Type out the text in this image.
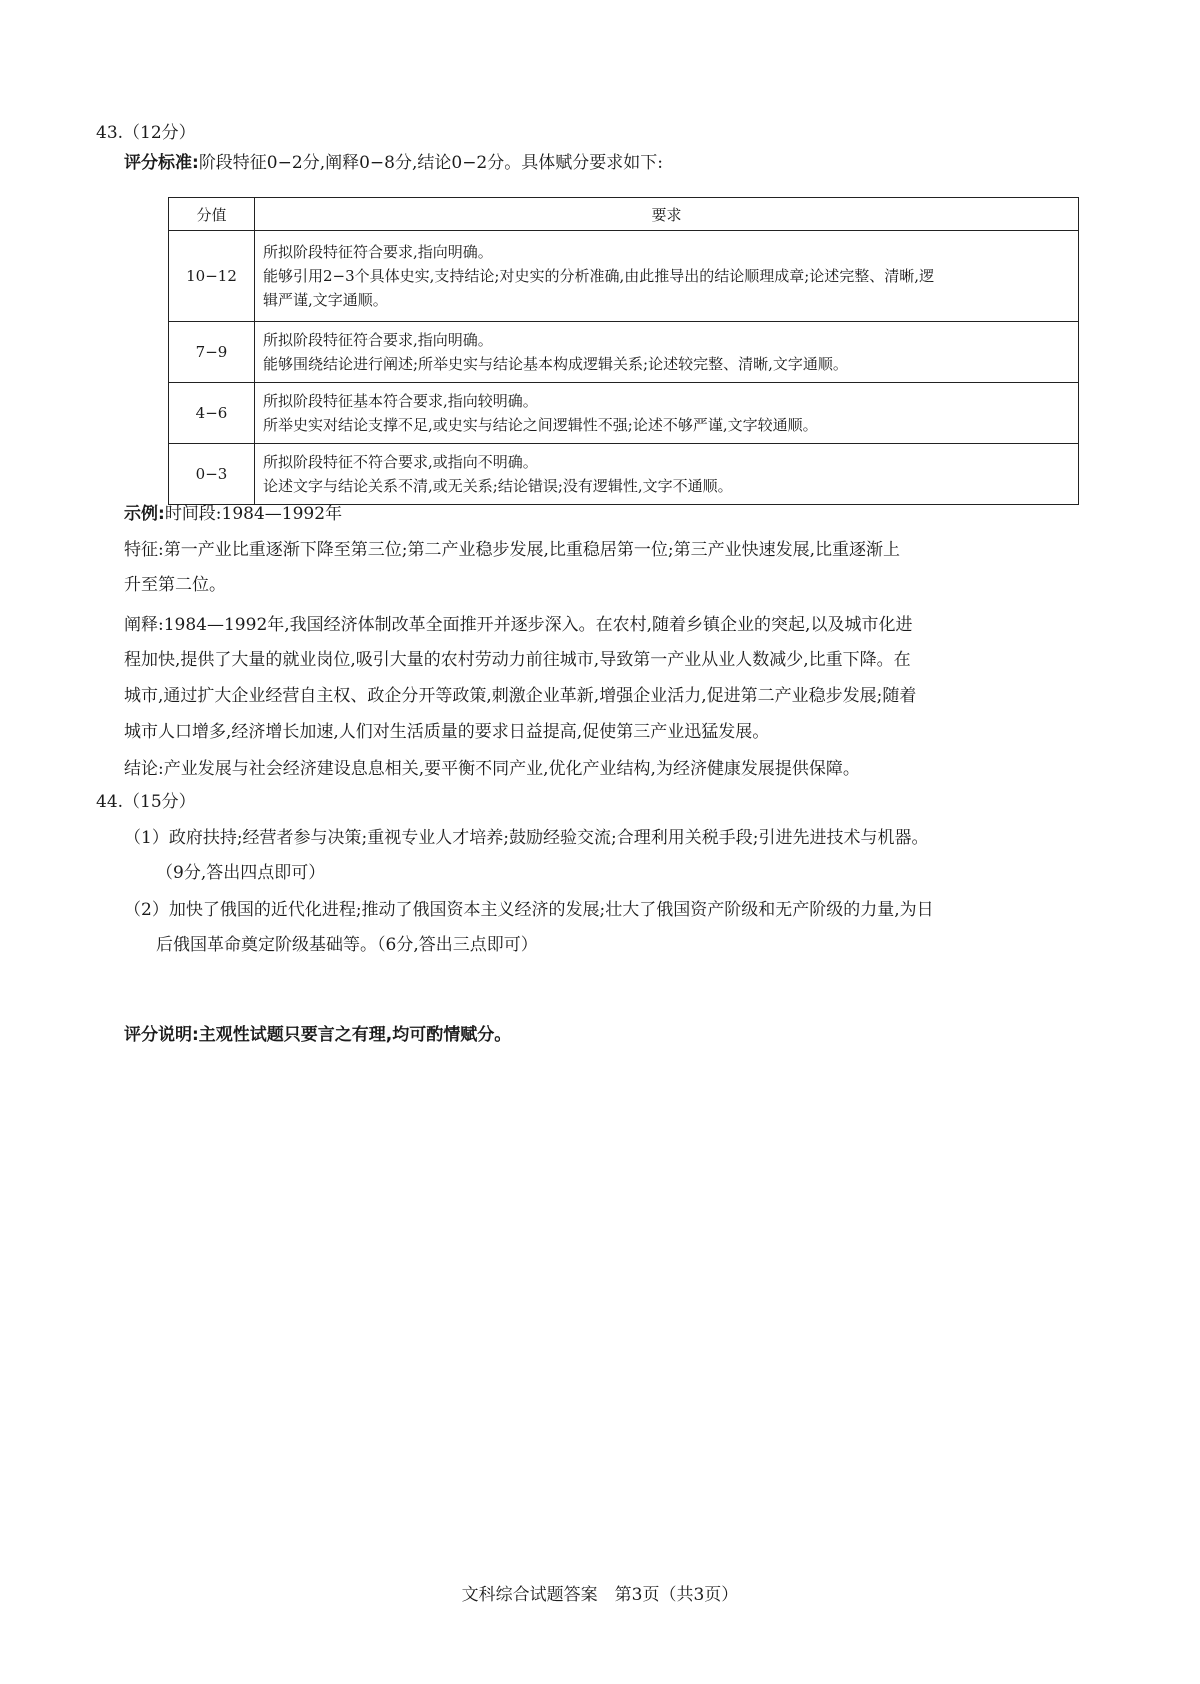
43.（12分）
评分标准:阶段特征0−2分,阐释0−8分,结论0−2分。具体赋分要求如下:
分值	要求
10−12	所拟阶段特征符合要求,指向明确。
能够引用2−3个具体史实,支持结论;对史实的分析准确,由此推导出的结论顺理成章;论述完整、清晰,逻
辑严谨,文字通顺。

7−9	所拟阶段特征符合要求,指向明确。
能够围绕结论进行阐述;所举史实与结论基本构成逻辑关系;论述较完整、清晰,文字通顺。

4−6	所拟阶段特征基本符合要求,指向较明确。
所举史实对结论支撑不足,或史实与结论之间逻辑性不强;论述不够严谨,文字较通顺。

0−3	所拟阶段特征不符合要求,或指向不明确。
论述文字与结论关系不清,或无关系;结论错误;没有逻辑性,文字不通顺。
示例:时间段:1984—1992年
特征:第一产业比重逐渐下降至第三位;第二产业稳步发展,比重稳居第一位;第三产业快速发展,比重逐渐上
升至第二位。
阐释:1984—1992年,我国经济体制改革全面推开并逐步深入。在农村,随着乡镇企业的突起,以及城市化进
程加快,提供了大量的就业岗位,吸引大量的农村劳动力前往城市,导致第一产业从业人数减少,比重下降。在
城市,通过扩大企业经营自主权、政企分开等政策,刺激企业革新,增强企业活力,促进第二产业稳步发展;随着
城市人口增多,经济增长加速,人们对生活质量的要求日益提高,促使第三产业迅猛发展。
结论:产业发展与社会经济建设息息相关,要平衡不同产业,优化产业结构,为经济健康发展提供保障。
44.（15分）
（1）政府扶持;经营者参与决策;重视专业人才培养;鼓励经验交流;合理利用关税手段;引进先进技术与机器。
（9分,答出四点即可）
（2）加快了俄国的近代化进程;推动了俄国资本主义经济的发展;壮大了俄国资产阶级和无产阶级的力量,为日
后俄国革命奠定阶级基础等。（6分,答出三点即可）
评分说明:主观性试题只要言之有理,均可酌情赋分。
文科综合试题答案　第3页（共3页）
